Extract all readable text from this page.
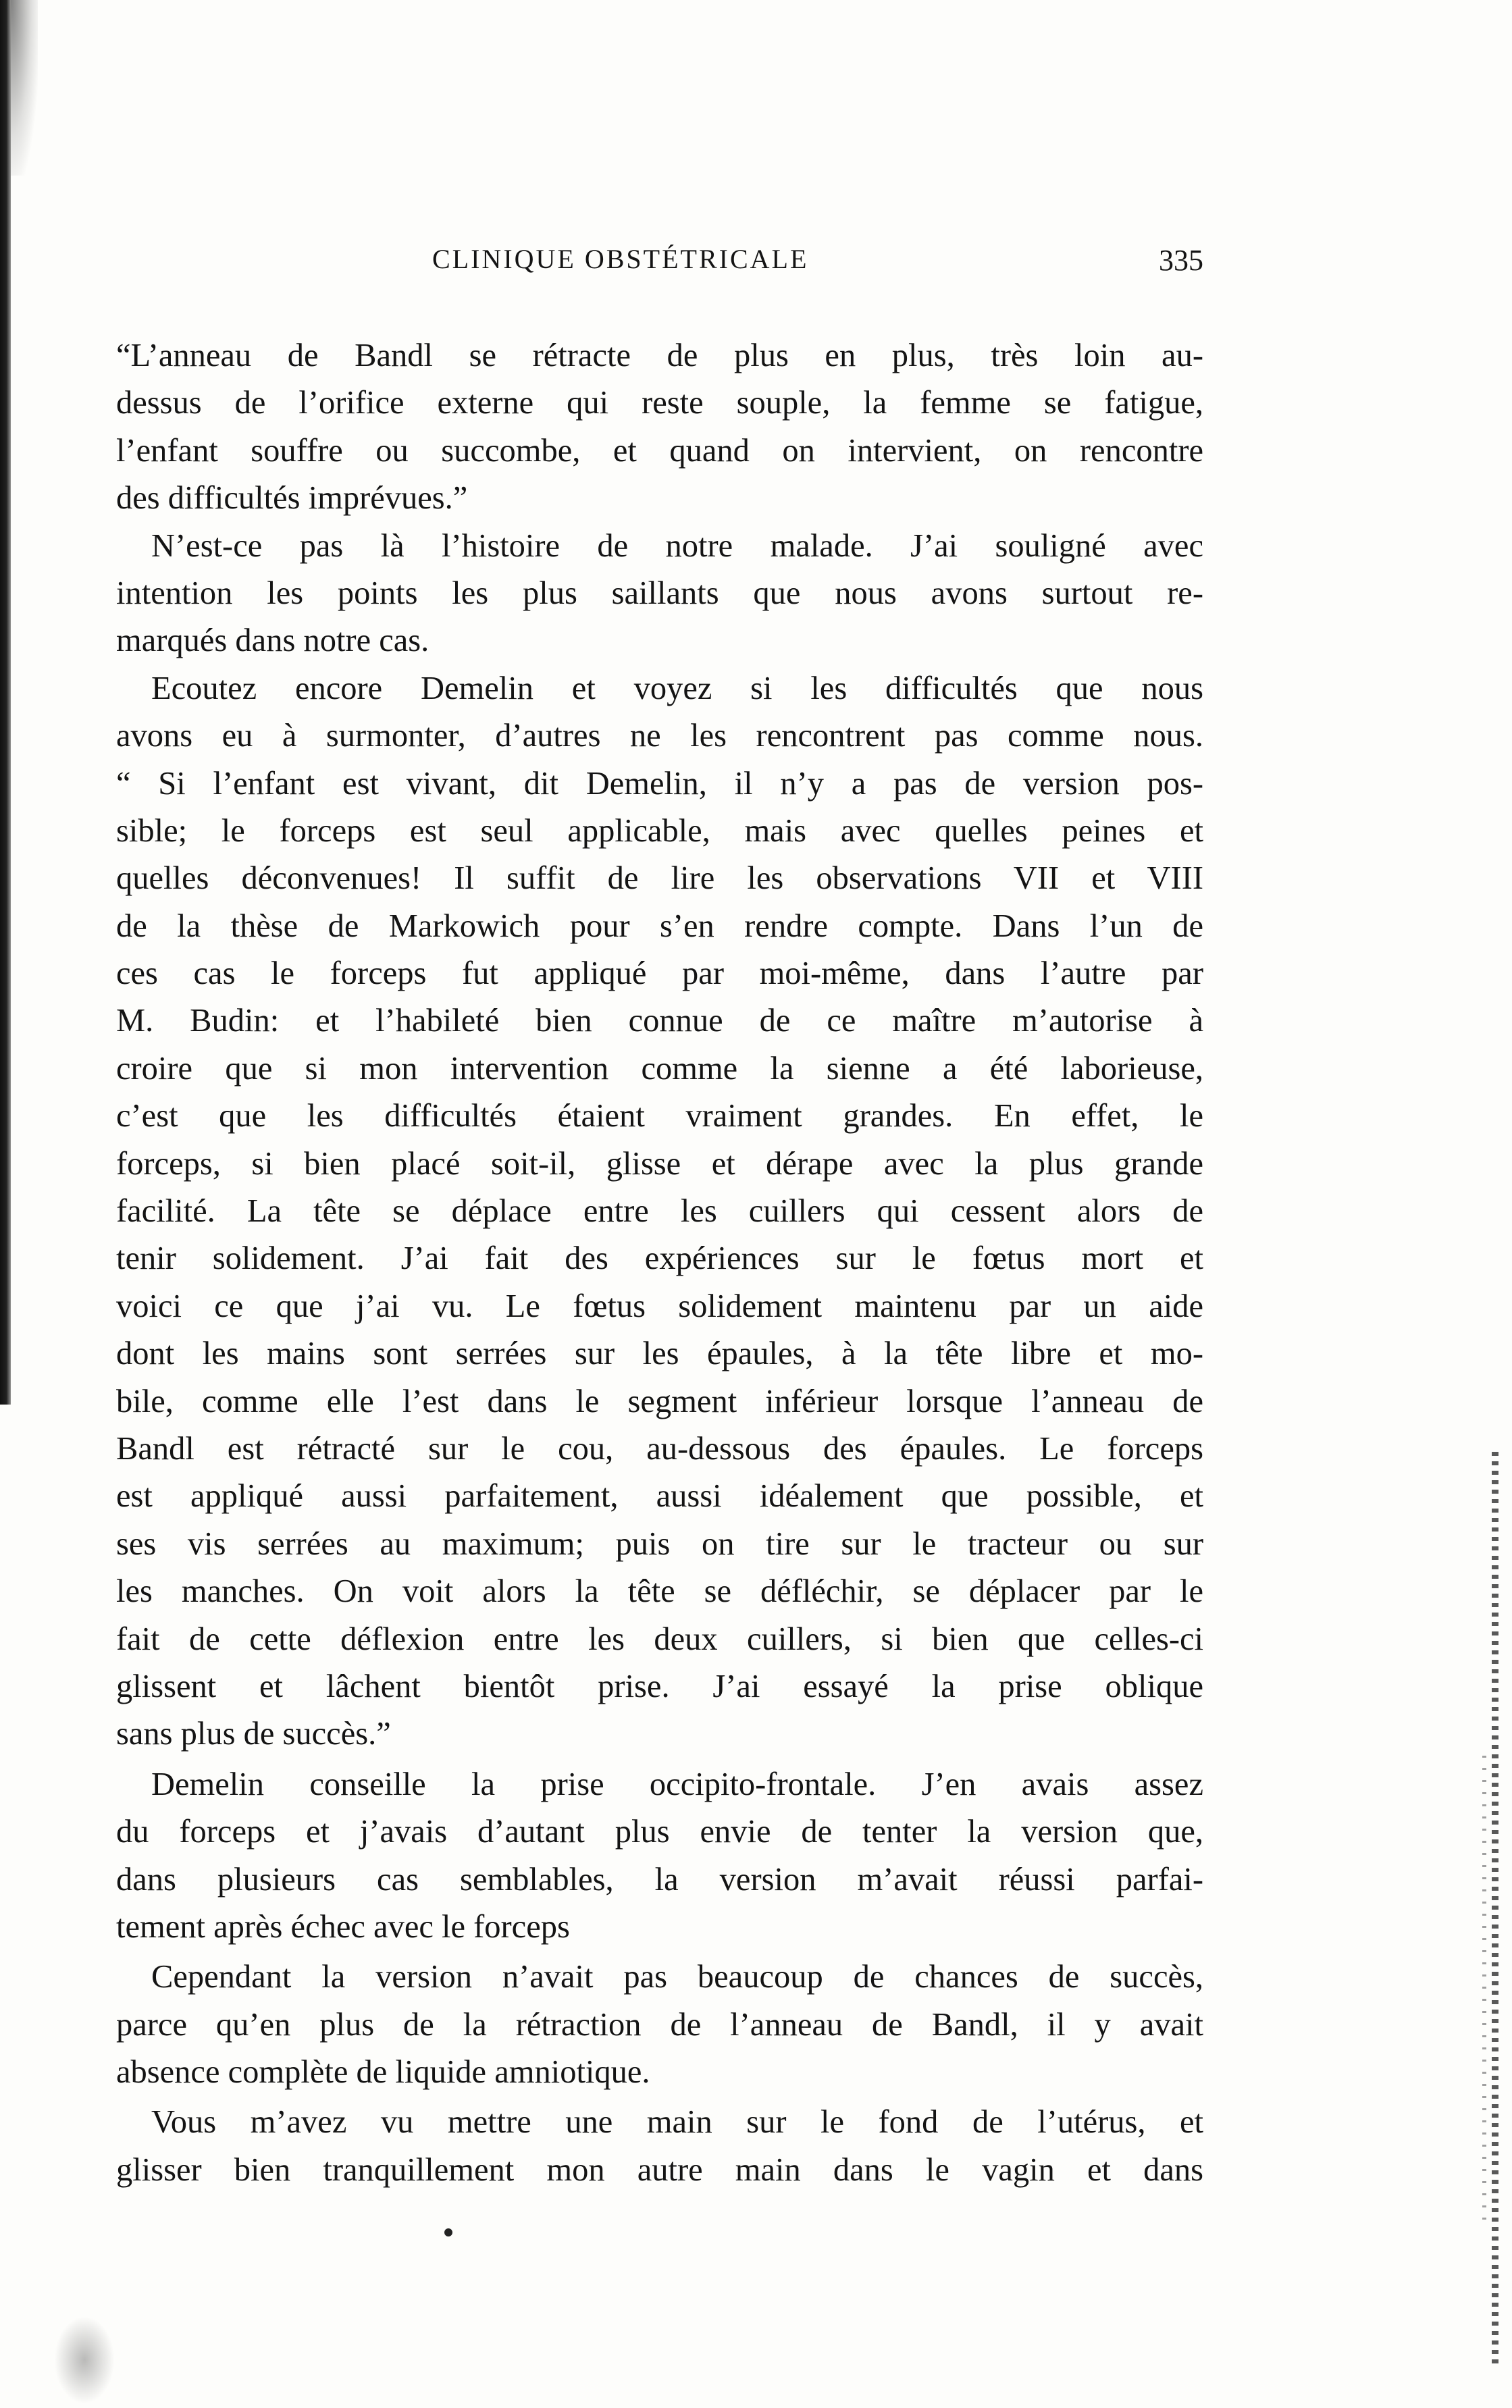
CLINIQUE OBSTÉTRICALE	335
“L’anneau de Bandl se rétracte de plus en plus, très loin au-
dessus de l’orifice externe qui reste souple, la femme se fatigue,
l’enfant souffre ou succombe, et quand on intervient, on rencontre
des difficultés imprévues.”
N’est-ce pas là l’histoire de notre malade. J’ai souligné avec
intention les points les plus saillants que nous avons surtout re-
marqués dans notre cas.
Ecoutez encore Demelin et voyez si les difficultés que nous
avons eu à surmonter, d’autres ne les rencontrent pas comme nous.
“ Si l’enfant est vivant, dit Demelin, il n’y a pas de version pos-
sible; le forceps est seul applicable, mais avec quelles peines et
quelles déconvenues! Il suffit de lire les observations VII et VIII
de la thèse de Markowich pour s’en rendre compte. Dans l’un de
ces cas le forceps fut appliqué par moi-même, dans l’autre par
M. Budin: et l’habileté bien connue de ce maître m’autorise à
croire que si mon intervention comme la sienne a été laborieuse,
c’est que les difficultés étaient vraiment grandes. En effet, le
forceps, si bien placé soit-il, glisse et dérape avec la plus grande
facilité. La tête se déplace entre les cuillers qui cessent alors de
tenir solidement. J’ai fait des expériences sur le fœtus mort et
voici ce que j’ai vu. Le fœtus solidement maintenu par un aide
dont les mains sont serrées sur les épaules, à la tête libre et mo-
bile, comme elle l’est dans le segment inférieur lorsque l’anneau de
Bandl est rétracté sur le cou, au-dessous des épaules. Le forceps
est appliqué aussi parfaitement, aussi idéalement que possible, et
ses vis serrées au maximum; puis on tire sur le tracteur ou sur
les manches. On voit alors la tête se défléchir, se déplacer par le
fait de cette déflexion entre les deux cuillers, si bien que celles-ci
glissent et lâchent bientôt prise. J’ai essayé la prise oblique
sans plus de succès.”
Demelin conseille la prise occipito-frontale. J’en avais assez
du forceps et j’avais d’autant plus envie de tenter la version que,
dans plusieurs cas semblables, la version m’avait réussi parfai-
tement après échec avec le forceps
Cependant la version n’avait pas beaucoup de chances de succès,
parce qu’en plus de la rétraction de l’anneau de Bandl, il y avait
absence complète de liquide amniotique.
Vous m’avez vu mettre une main sur le fond de l’utérus, et
glisser bien tranquillement mon autre main dans le vagin et dans
